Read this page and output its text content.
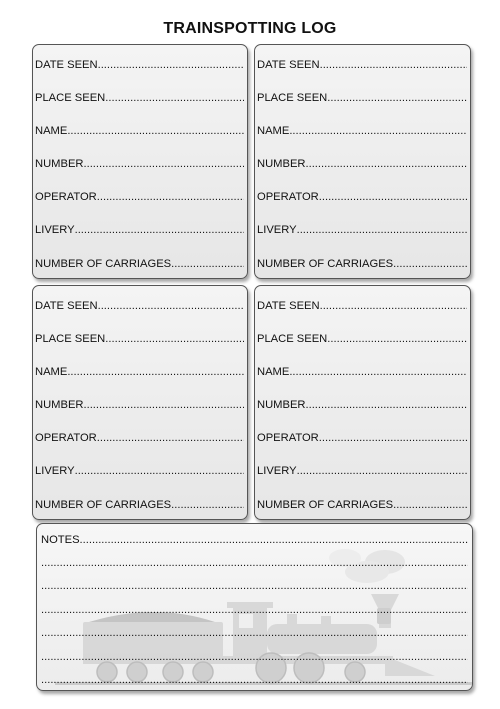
TRAINSPOTTING LOG
DATE SEEN
.....
PLACE SEEN
.....
NAME
.....
NUMBER
.....
OPERATOR
.....
LIVERY
.....
NUMBER OF CARRIAGES
.....
DATE SEEN
.....
PLACE SEEN
.....
NAME
.....
NUMBER
.....
OPERATOR
.....
LIVERY
.....
NUMBER OF CARRIAGES
.....
DATE SEEN
.....
PLACE SEEN
.....
NAME
.....
NUMBER
.....
OPERATOR
.....
LIVERY
.....
NUMBER OF CARRIAGES
.....
DATE SEEN
.....
PLACE SEEN
.....
NAME
.....
NUMBER
.....
OPERATOR
.....
LIVERY
.....
NUMBER OF CARRIAGES
.....
NOTES
.....
.....
.....
.....
.....
.....
.....
